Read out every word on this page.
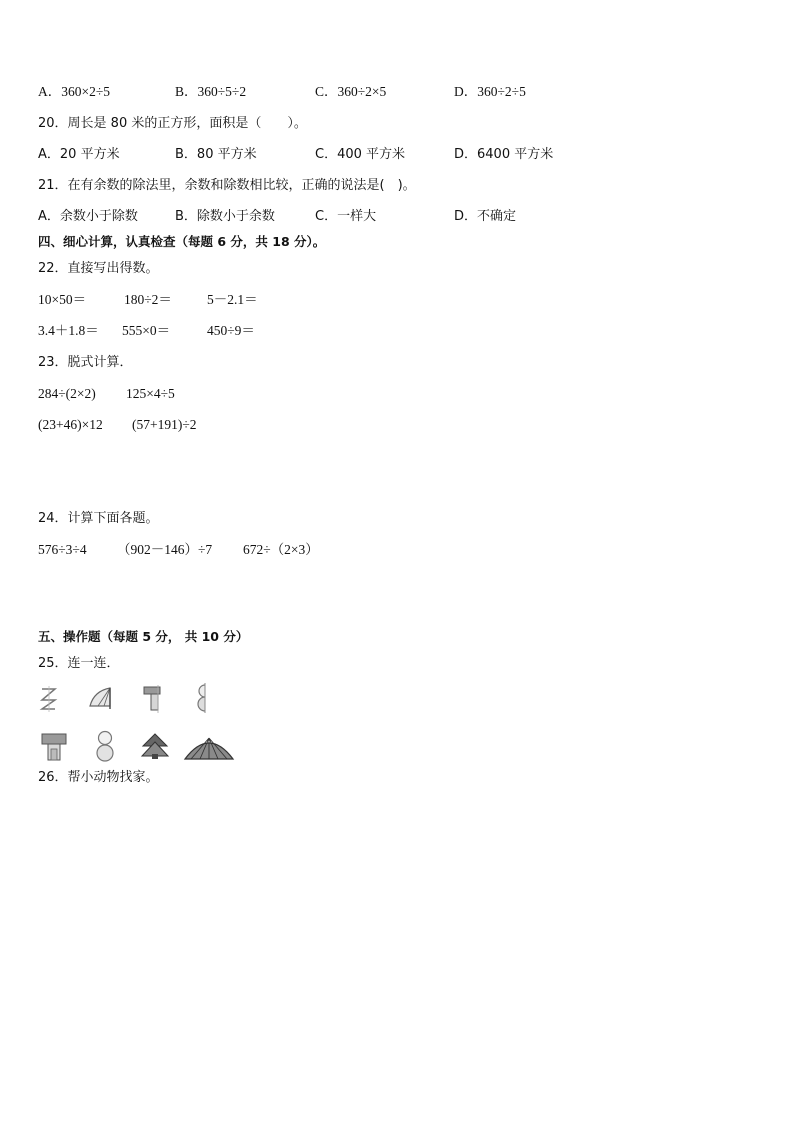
A．360×2÷5	B．360÷5÷2	C．360÷2×5	D．360÷2÷5
20．周长是 80 米的正方形，面积是（　　）。
A．20 平方米	B．80 平方米	C．400 平方米	D．6400 平方米
21．在有余数的除法里，余数和除数相比较，正确的说法是(　)。
A．余数小于除数	B．除数小于余数	C．一样大	D．不确定
四、细心计算，认真检查（每题 6 分，共 18 分）。
22．直接写出得数。
10×50＝	180÷2＝	5－2.1＝
3.4＋1.8＝ 555×0＝	450÷9＝
23．脱式计算．
284÷(2×2) 125×4÷5
(23+46)×12 (57+191)÷2
24．计算下面各题。
576÷3÷4 （902－146）÷7 672÷（2×3）
五、操作题（每题 5 分， 共 10 分）
25．连一连．
26．帮小动物找家。
